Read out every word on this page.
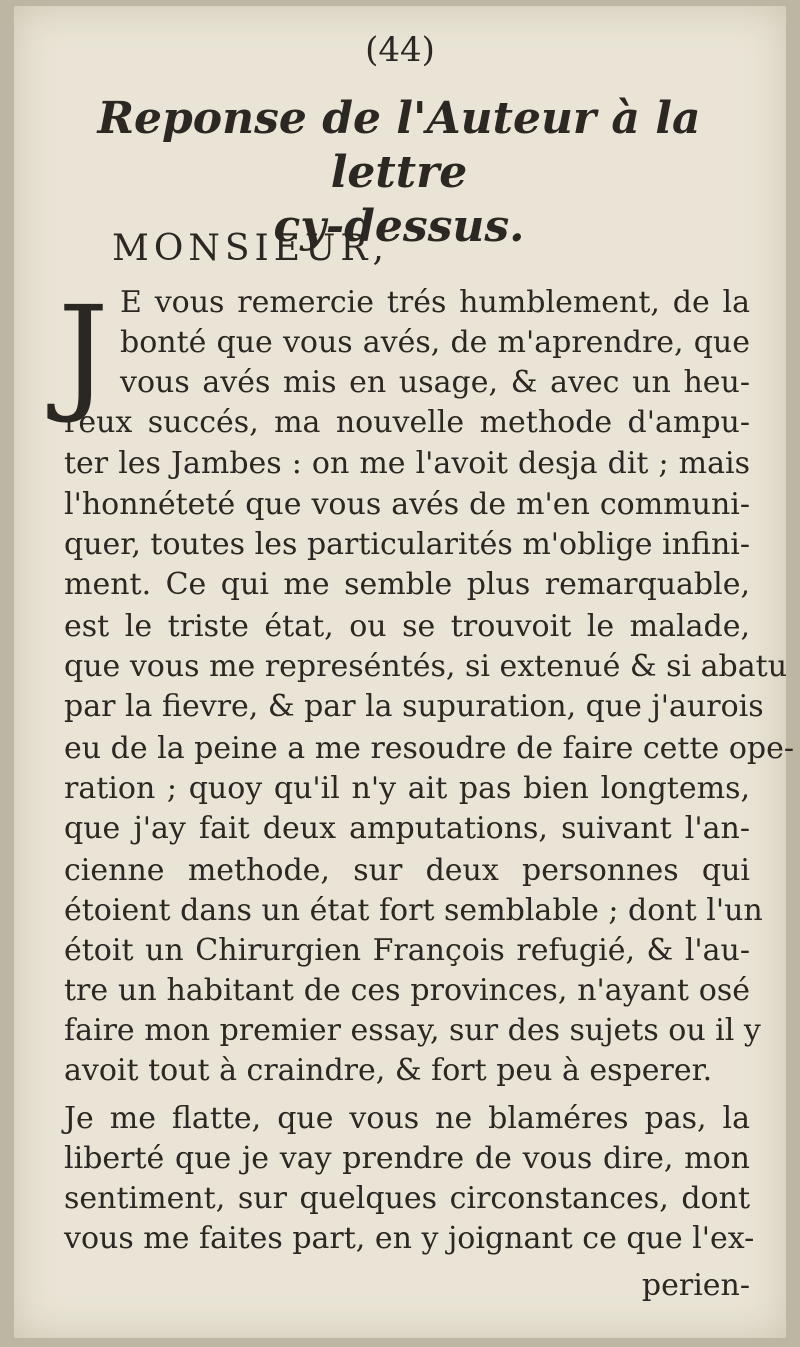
(44)
Reponse de l'Auteur à la lettre
cy-dessus.
MONSIEUR,
J E vous remercie trés humblement, de la
bonté que vous avés, de m'aprendre, que
vous avés mis en usage, & avec un heu-
reux succés, ma nouvelle methode d'ampu-
ter les Jambes : on me l'avoit desja dit ; mais
l'honnéteté que vous avés de m'en communi-
quer, toutes les particularités m'oblige infini-
ment. Ce qui me semble plus remarquable,
est le triste état, ou se trouvoit le malade,
que vous me represéntés, si extenué & si abatu
par la fievre, & par la supuration, que j'aurois
eu de la peine a me resoudre de faire cette ope-
ration ; quoy qu'il n'y ait pas bien longtems,
que j'ay fait deux amputations, suivant l'an-
cienne methode, sur deux personnes qui
étoient dans un état fort semblable ; dont l'un
étoit un Chirurgien François refugié, & l'au-
tre un habitant de ces provinces, n'ayant osé
faire mon premier essay, sur des sujets ou il y
avoit tout à craindre, & fort peu à esperer.
Je me flatte, que vous ne blaméres pas, la
liberté que je vay prendre de vous dire, mon
sentiment, sur quelques circonstances, dont
vous me faites part, en y joignant ce que l'ex-
perien-
